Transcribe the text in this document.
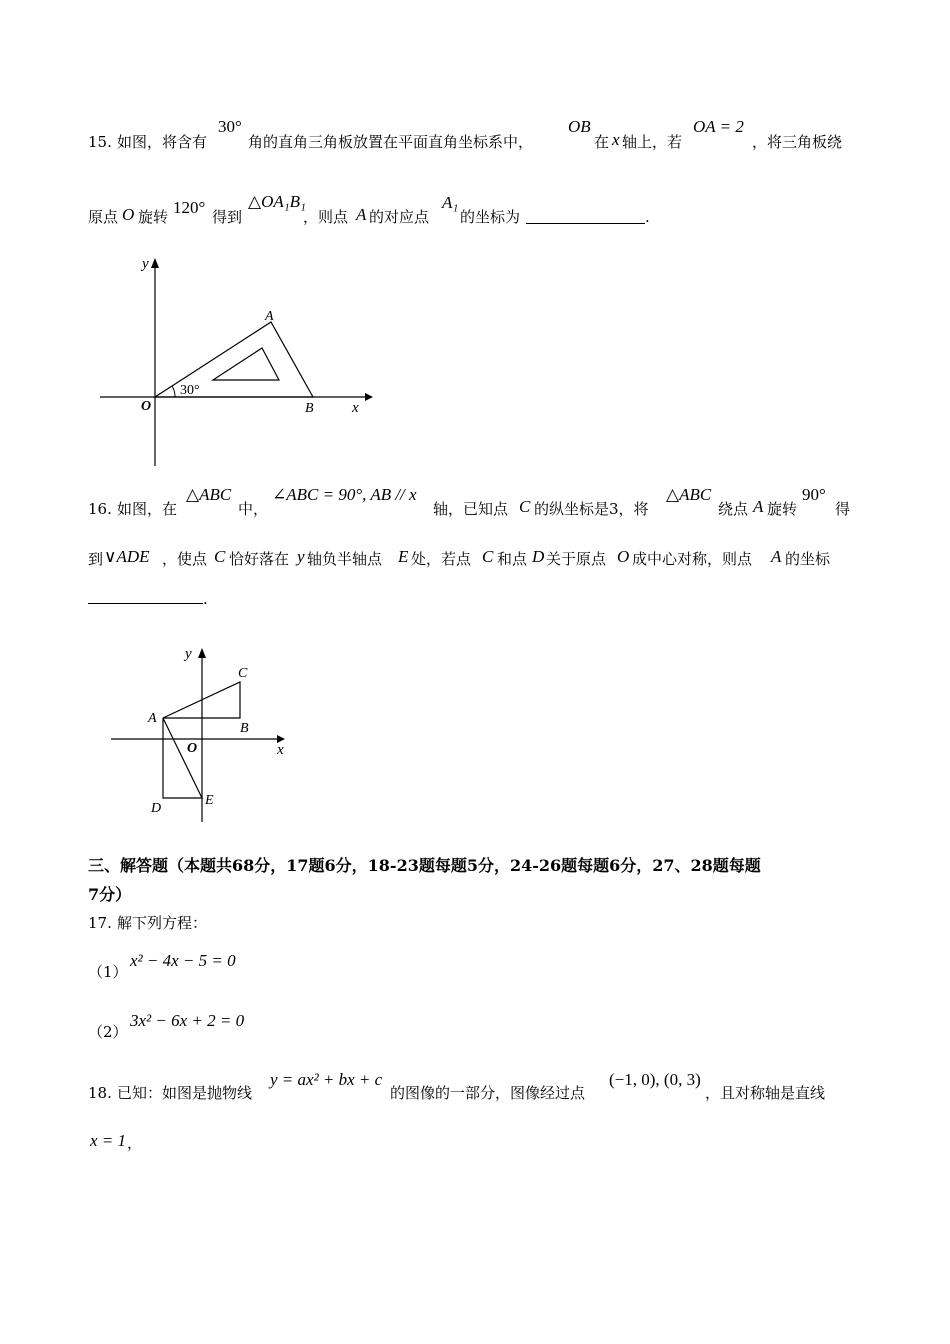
15. 如图，将含有
30°
角的直角三角板放置在平面直角坐标系中，
OB
在 x 轴上，若
OA = 2
，将三角板绕
原点 O 旋转 120° 得到
△OA₁B₁
，则点 A 的对应点
A₁
的坐标为	.
y
x
O
A
B
30°
16. 如图，在
△ABC
中，
∠ABC = 90°, AB // x
轴，已知点 C 的纵坐标是3，将
△ABC
绕点 A 旋转
90°
得
到 ∨ADE ，使点 C 恰好落在 y 轴负半轴点 E 处，若点 C 和点 D 关于原点 O 成中心对称，则点 A 的坐标
.
y
x
O
A
B
C
D
E
三、解答题（本题共68分，17题6分，18-23题每题5分，24-26题每题6分，27、28题每题
7分）
17. 解下列方程：
（1）
x² − 4x − 5 = 0
（2）
3x² − 6x + 2 = 0
18. 已知：如图是抛物线
y = ax² + bx + c
的图像的一部分，图像经过点
(−1, 0), (0, 3)
，且对称轴是直线
x = 1 ，
